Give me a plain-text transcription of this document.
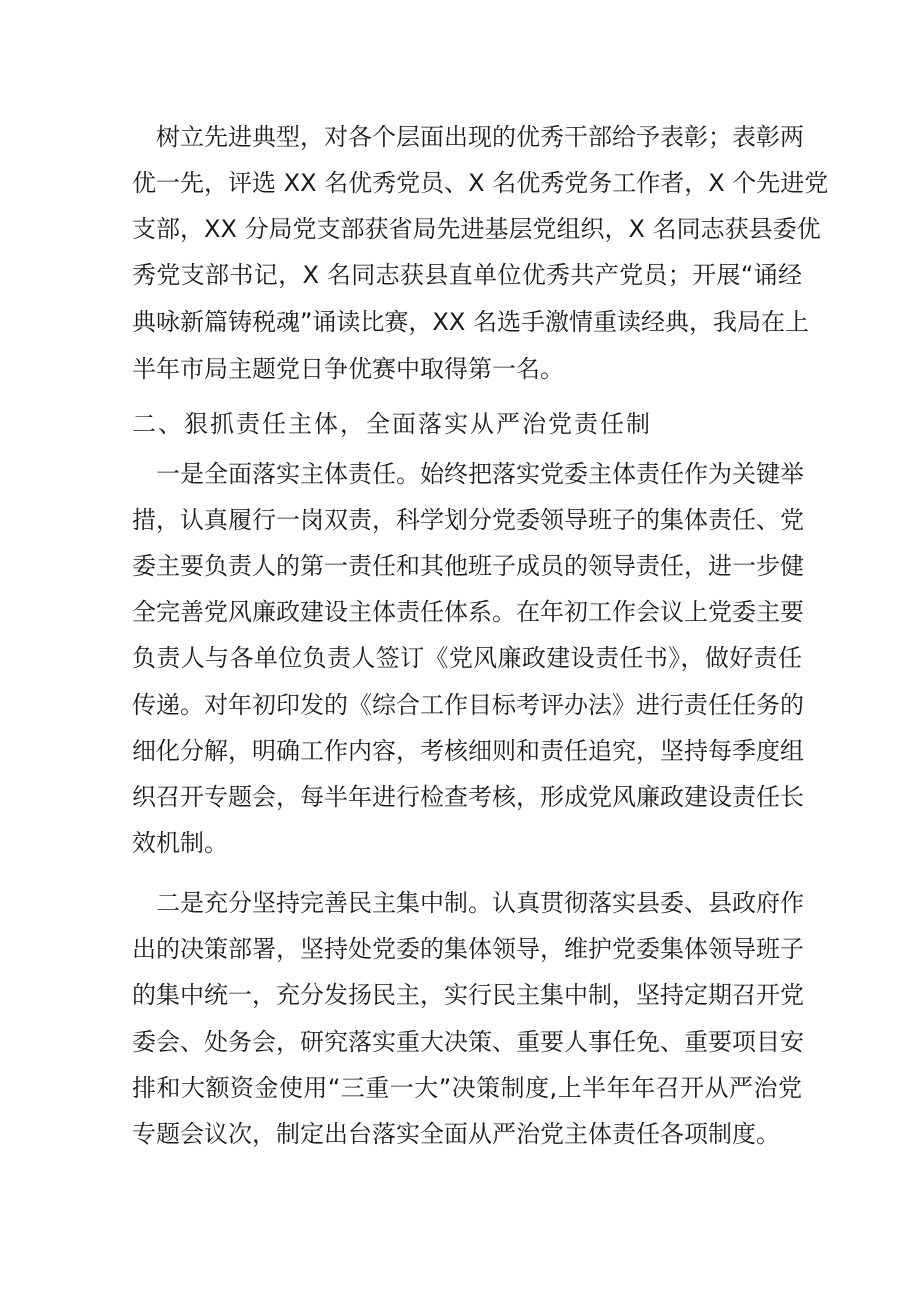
树立先进典型，对各个层面出现的优秀干部给予表彰；表彰两
优一先，评选 XX 名优秀党员、X 名优秀党务工作者，X 个先进党
支部，XX 分局党支部获省局先进基层党组织，X 名同志获县委优
秀党支部书记，X 名同志获县直单位优秀共产党员；开展“诵经
典咏新篇铸税魂”诵读比赛，XX 名选手激情重读经典，我局在上
半年市局主题党日争优赛中取得第一名。
二、狠抓责任主体，全面落实从严治党责任制
一是全面落实主体责任。始终把落实党委主体责任作为关键举
措，认真履行一岗双责，科学划分党委领导班子的集体责任、党
委主要负责人的第一责任和其他班子成员的领导责任，进一步健
全完善党风廉政建设主体责任体系。在年初工作会议上党委主要
负责人与各单位负责人签订《党风廉政建设责任书》，做好责任
传递。对年初印发的《综合工作目标考评办法》进行责任任务的
细化分解，明确工作内容，考核细则和责任追究，坚持每季度组
织召开专题会，每半年进行检查考核，形成党风廉政建设责任长
效机制。
二是充分坚持完善民主集中制。认真贯彻落实县委、县政府作
出的决策部署，坚持处党委的集体领导，维护党委集体领导班子
的集中统一，充分发扬民主，实行民主集中制，坚持定期召开党
委会、处务会，研究落实重大决策、重要人事任免、重要项目安
排和大额资金使用“三重一大”决策制度,上半年年召开从严治党
专题会议次，制定出台落实全面从严治党主体责任各项制度。
